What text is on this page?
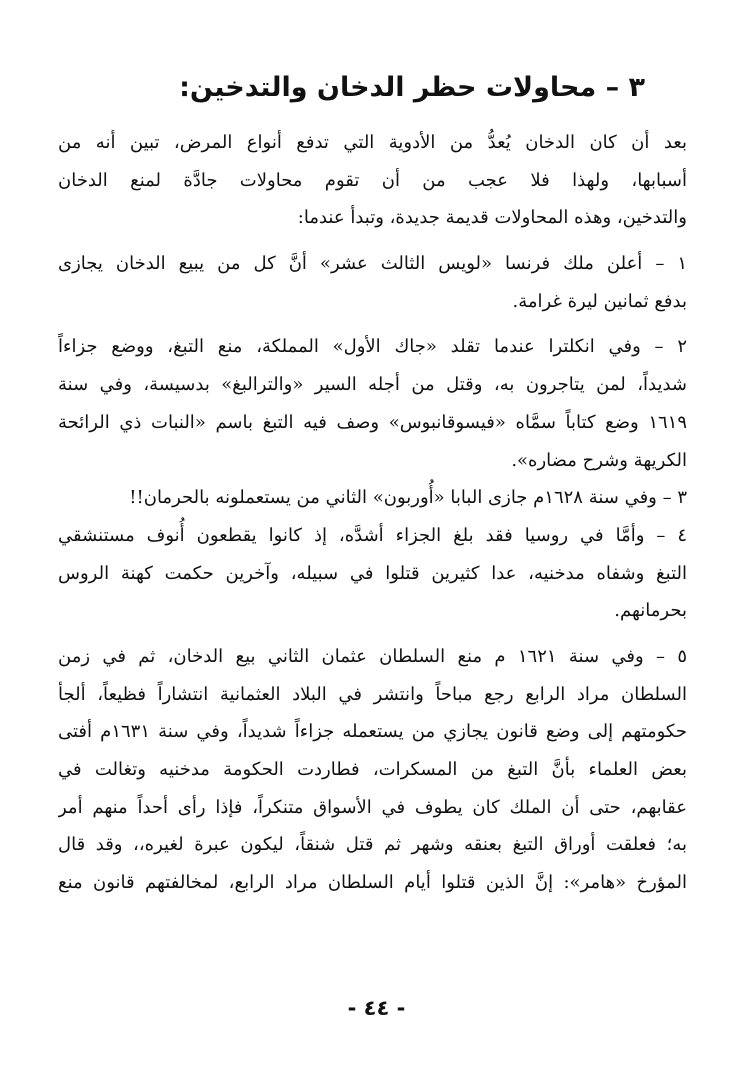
٣ – محاولات حظر الدخان والتدخين:
بعد أن كان الدخان يُعدُّ من الأدوية التي تدفع أنواع المرض، تبين أنه من
أسبابها، ولهذا فلا عجب من أن تقوم محاولات جادَّة لمنع الدخان
والتدخين، وهذه المحاولات قديمة جديدة، وتبدأ عندما:
١ – أعلن ملك فرنسا «لويس الثالث عشر» أنَّ كل من يبيع الدخان يجازى
بدفع ثمانين ليرة غرامة.
٢ – وفي انكلترا عندما تقلد «جاك الأول» المملكة، منع التبغ، ووضع جزاءاً
شديداً، لمن يتاجرون به، وقتل من أجله السير «والترالبغ» بدسيسة، وفي سنة
١٦١٩ وضع كتاباً سمَّاه «فيسوقانبوس» وصف فيه التبغ باسم «النبات ذي الرائحة
الكريهة وشرح مضاره».
٣ – وفي سنة ١٦٢٨م جازى البابا «أُوربون» الثاني من يستعملونه بالحرمان!!
٤ – وأمَّا في روسيا فقد بلغ الجزاء أشدَّه، إذ كانوا يقطعون أُنوف مستنشقي
التبغ وشفاه مدخنيه، عدا كثيرين قتلوا في سبيله، وآخرين حكمت كهنة الروس
بحرمانهم.
٥ – وفي سنة ١٦٢١ م منع السلطان عثمان الثاني بيع الدخان، ثم في زمن
السلطان مراد الرابع رجع مباحاً وانتشر في البلاد العثمانية انتشاراً فظيعاً، ألجأ
حكومتهم إلى وضع قانون يجازي من يستعمله جزاءاً شديداً، وفي سنة ١٦٣١م أفتى
بعض العلماء بأنَّ التبغ من المسكرات، فطاردت الحكومة مدخنيه وتغالت في
عقابهم، حتى أن الملك كان يطوف في الأسواق متنكراً، فإذا رأى أحداً منهم أمر
به؛ فعلقت أوراق التبغ بعنقه وشهر ثم قتل شنقاً، ليكون عبرة لغيره،، وقد قال
المؤرخ «هامر»: إنَّ الذين قتلوا أيام السلطان مراد الرابع، لمخالفتهم قانون منع
- ٤٤ -
